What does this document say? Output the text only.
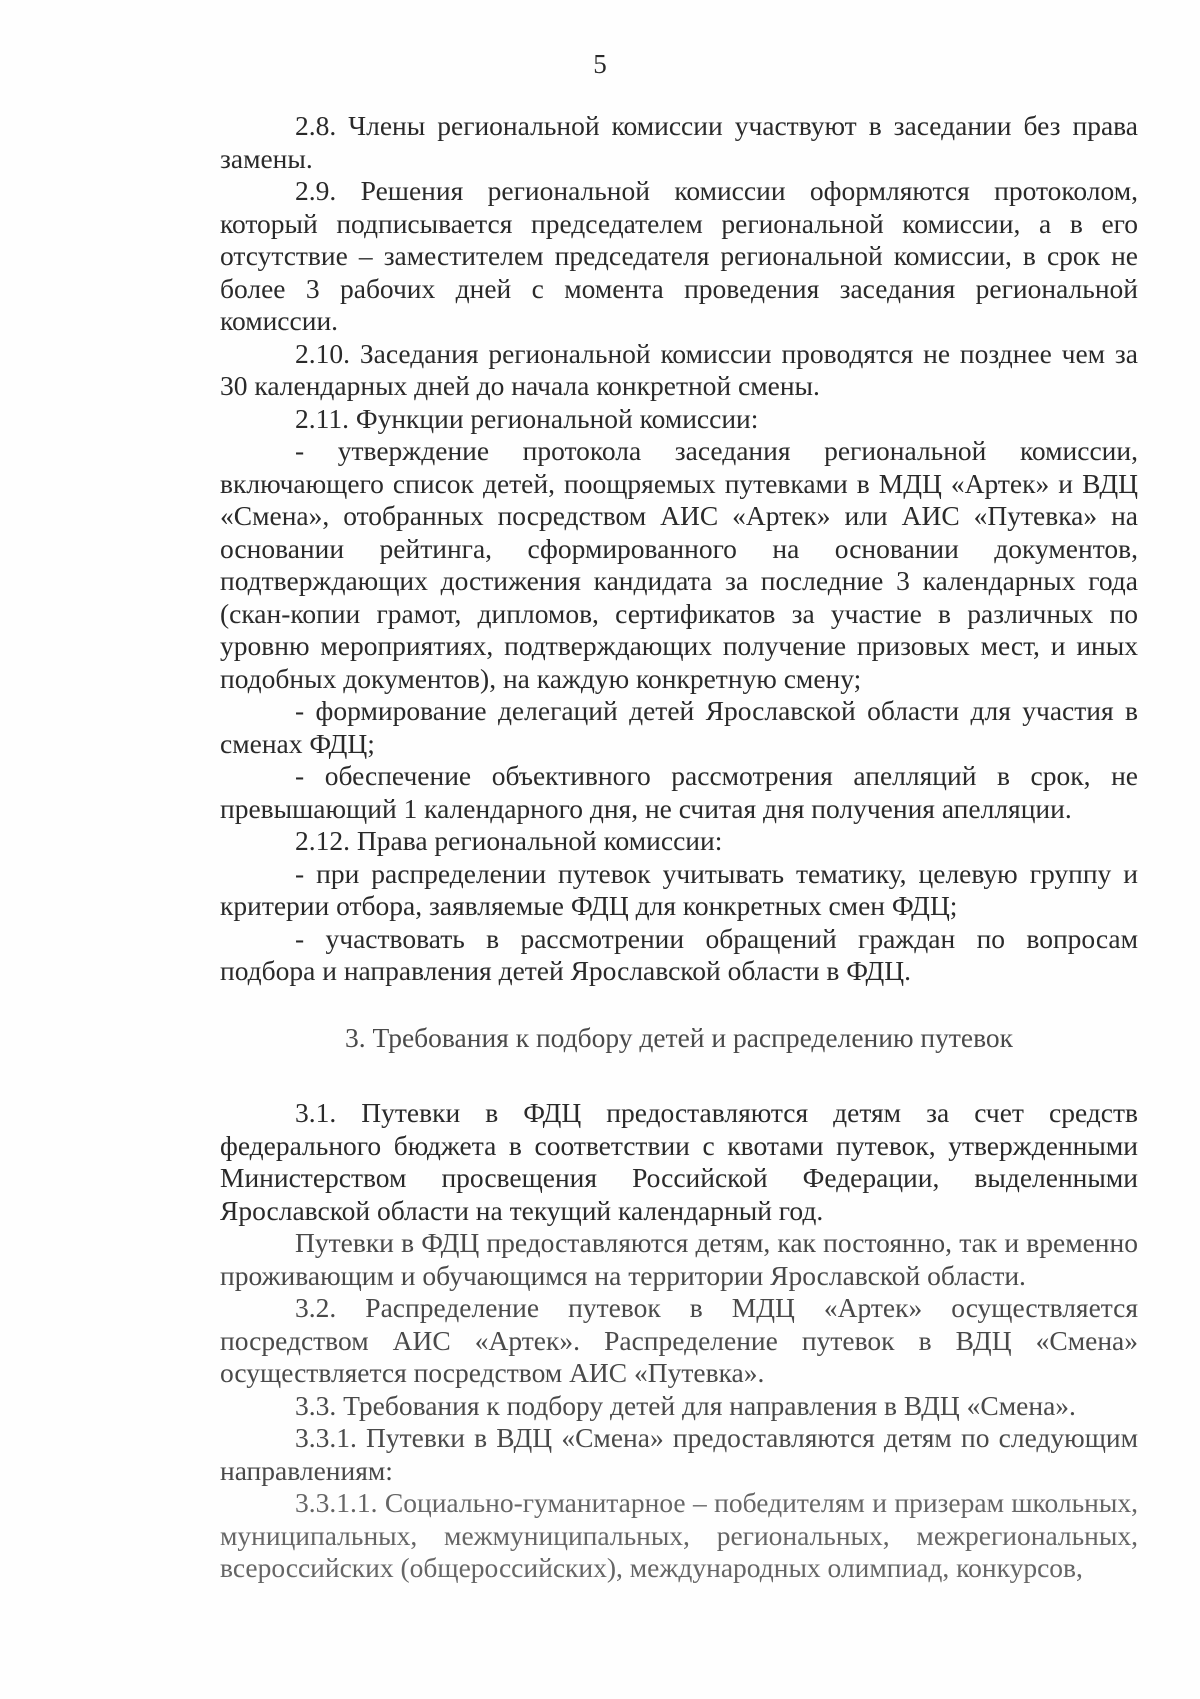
5

2.8. Члены региональной комиссии участвуют в заседании без права замены.

2.9. Решения региональной комиссии оформляются протоколом, который подписывается председателем региональной комиссии, а в его отсутствие – заместителем председателя региональной комиссии, в срок не более 3 рабочих дней с момента проведения заседания региональной комиссии.

2.10. Заседания региональной комиссии проводятся не позднее чем за 30 календарных дней до начала конкретной смены.

2.11. Функции региональной комиссии:

- утверждение протокола заседания региональной комиссии, включающего список детей, поощряемых путевками в МДЦ «Артек» и ВДЦ «Смена», отобранных посредством АИС «Артек» или АИС «Путевка» на основании рейтинга, сформированного на основании документов, подтверждающих достижения кандидата за последние 3 календарных года (скан-копии грамот, дипломов, сертификатов за участие в различных по уровню мероприятиях, подтверждающих получение призовых мест, и иных подобных документов), на каждую конкретную смену;

- формирование делегаций детей Ярославской области для участия в сменах ФДЦ;

- обеспечение объективного рассмотрения апелляций в срок, не превышающий 1 календарного дня, не считая дня получения апелляции.

2.12. Права региональной комиссии:

- при распределении путевок учитывать тематику, целевую группу и критерии отбора, заявляемые ФДЦ для конкретных смен ФДЦ;

- участвовать в рассмотрении обращений граждан по вопросам подбора и направления детей Ярославской области в ФДЦ.

3. Требования к подбору детей и распределению путевок

3.1. Путевки в ФДЦ предоставляются детям за счет средств федерального бюджета в соответствии с квотами путевок, утвержденными Министерством просвещения Российской Федерации, выделенными Ярославской области на текущий календарный год.

Путевки в ФДЦ предоставляются детям, как постоянно, так и временно проживающим и обучающимся на территории Ярославской области.

3.2. Распределение путевок в МДЦ «Артек» осуществляется посредством АИС «Артек». Распределение путевок в ВДЦ «Смена» осуществляется посредством АИС «Путевка».

3.3. Требования к подбору детей для направления в ВДЦ «Смена».

3.3.1. Путевки в ВДЦ «Смена» предоставляются детям по следующим направлениям:

3.3.1.1. Социально-гуманитарное – победителям и призерам школьных, муниципальных, межмуниципальных, региональных, межрегиональных, всероссийских (общероссийских), международных олимпиад, конкурсов,
